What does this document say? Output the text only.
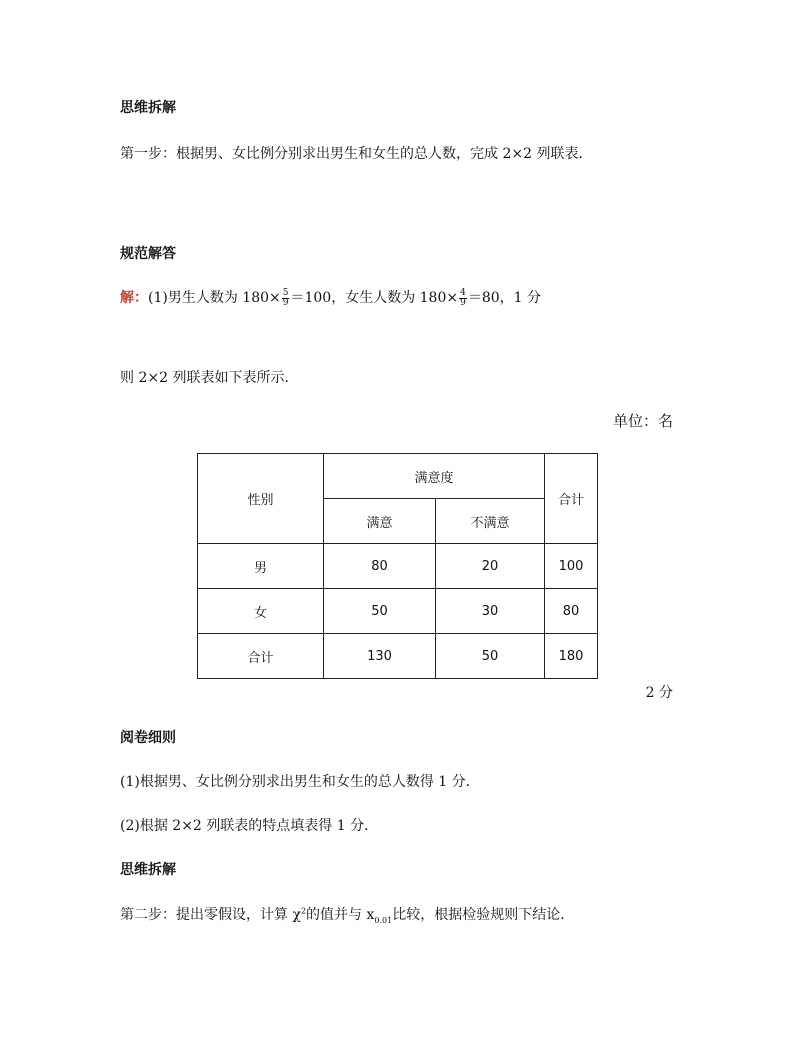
思维拆解
第一步：根据男、女比例分别求出男生和女生的总人数，完成 2×2 列联表．
规范解答
解：(1)男生人数为 $180\times \frac{5}{9} =100$，女生人数为 $180\times \frac{4}{9} =80$，1 分
则 2×2 列联表如下表所示．
单位：名
性别	满意度		合计
	满意	不满意	
男	80	20	100
女	50	30	80
合计	130	50	180
2 分
阅卷细则
(1)根据男、女比例分别求出男生和女生的总人数得 1 分．
(2)根据 2×2 列联表的特点填表得 1 分．
思维拆解
第二步：提出零假设，计算 $\chi^2$的值并与 $x_{0.01}$比较，根据检验规则下结论．
